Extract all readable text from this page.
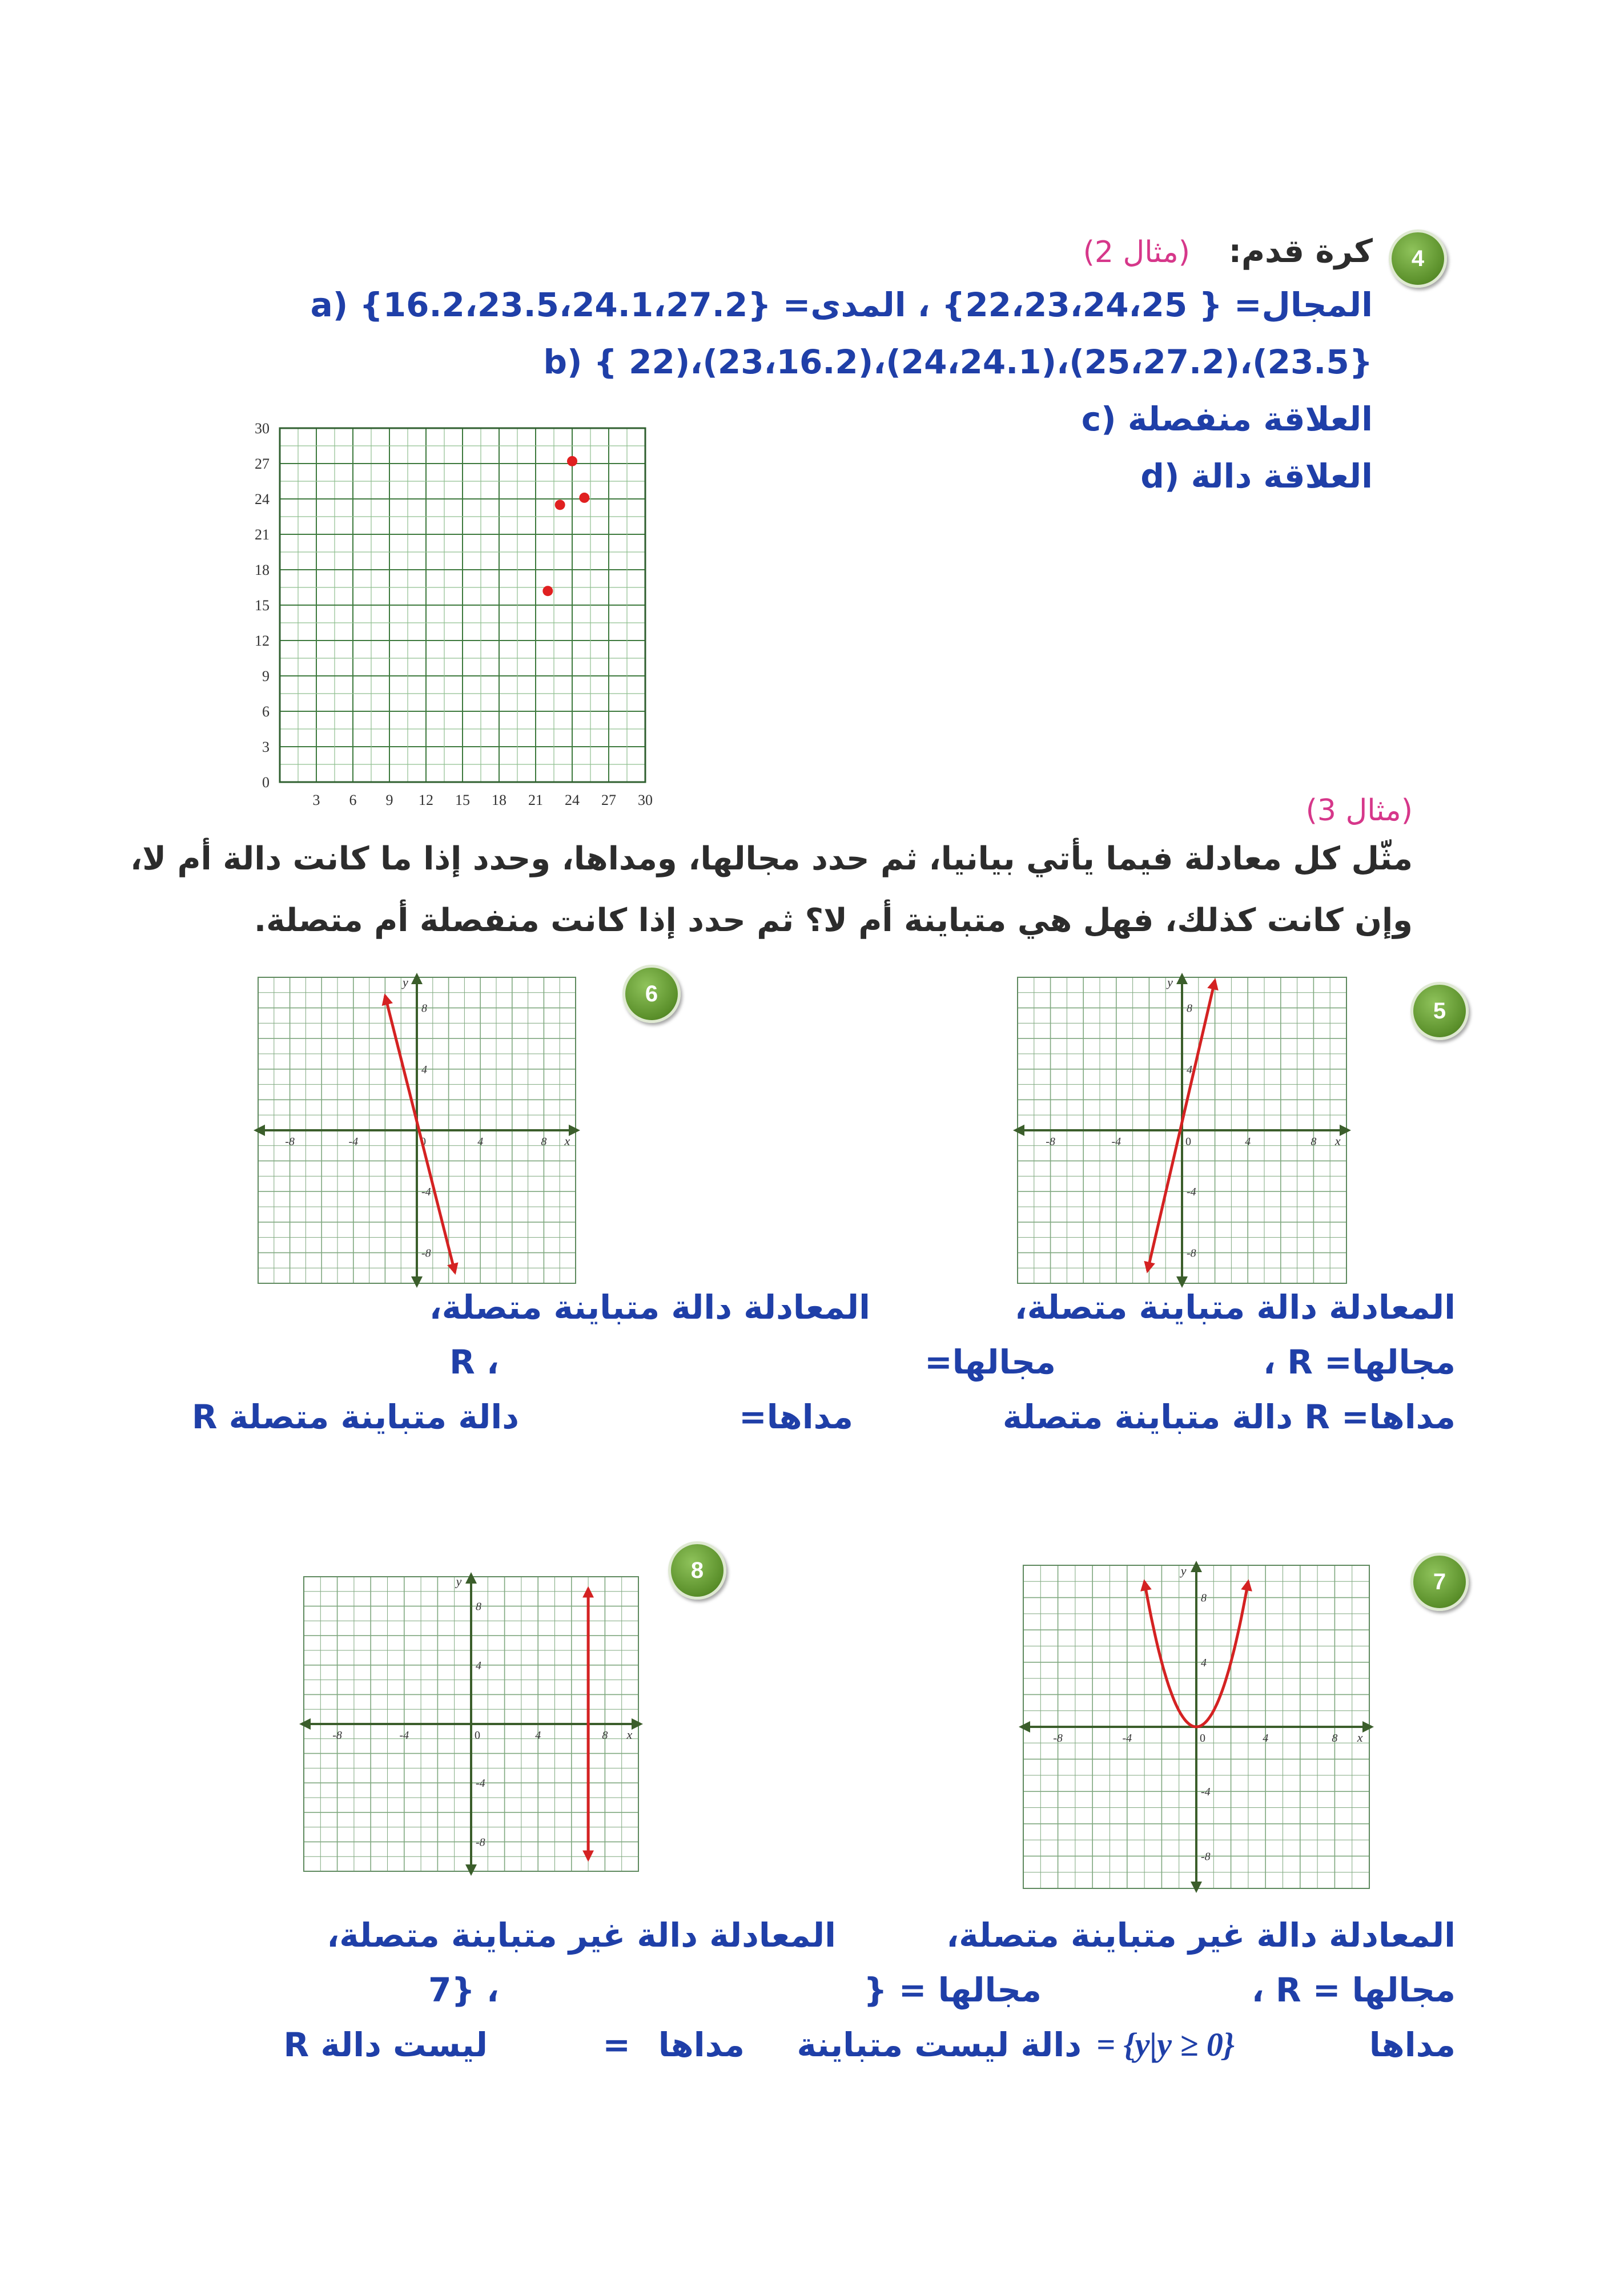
4
كرة قدم:
(مثال 2)
a) المجال= { 22،23،24،25} ، المدى= {16.2،23.5،24.1،27.2}
b) { 22)،(23،16.2)،(24،24.1)،(25،27.2)،(23.5}
c) العلاقة منفصلة
d) العلاقة دالة
3 6 9 12 15 18 21 24 27 30
0
3
6
9
12
15
18
21
24
27
30
(مثال 3)
مثّل كل معادلة فيما يأتي بيانيا، ثم حدد مجالها، ومداها، وحدد إذا ما كانت دالة أم لا،
وإن كانت كذلك، فهل هي متباينة أم لا؟ ثم حدد إذا كانت منفصلة أم متصلة.
5
-8
-8
-4
-4
4
4
8
8
0	x
y
المعادلة دالة متباينة متصلة،
مجالها= R ،
مداها= R دالة متباينة متصلة
6
-8
-8
-4
-4
4
4
8
8
0	x
y
المعادلة دالة متباينة متصلة،
مجالها=
R ،
مداها=
R دالة متباينة متصلة
7
-8
-8
-4
-4
4
4
8
8
0	x
y
المعادلة دالة غير متباينة متصلة،
مجالها = R ،
مداها
= {y|y ≥ 0}
دالة ليست متباينة
8
-8
-8
-4
-4
4
4
8
8
0	x
y
المعادلة دالة غير متباينة متصلة،
مجالها = {
7} ،
مداها
=
R ليست دالة
